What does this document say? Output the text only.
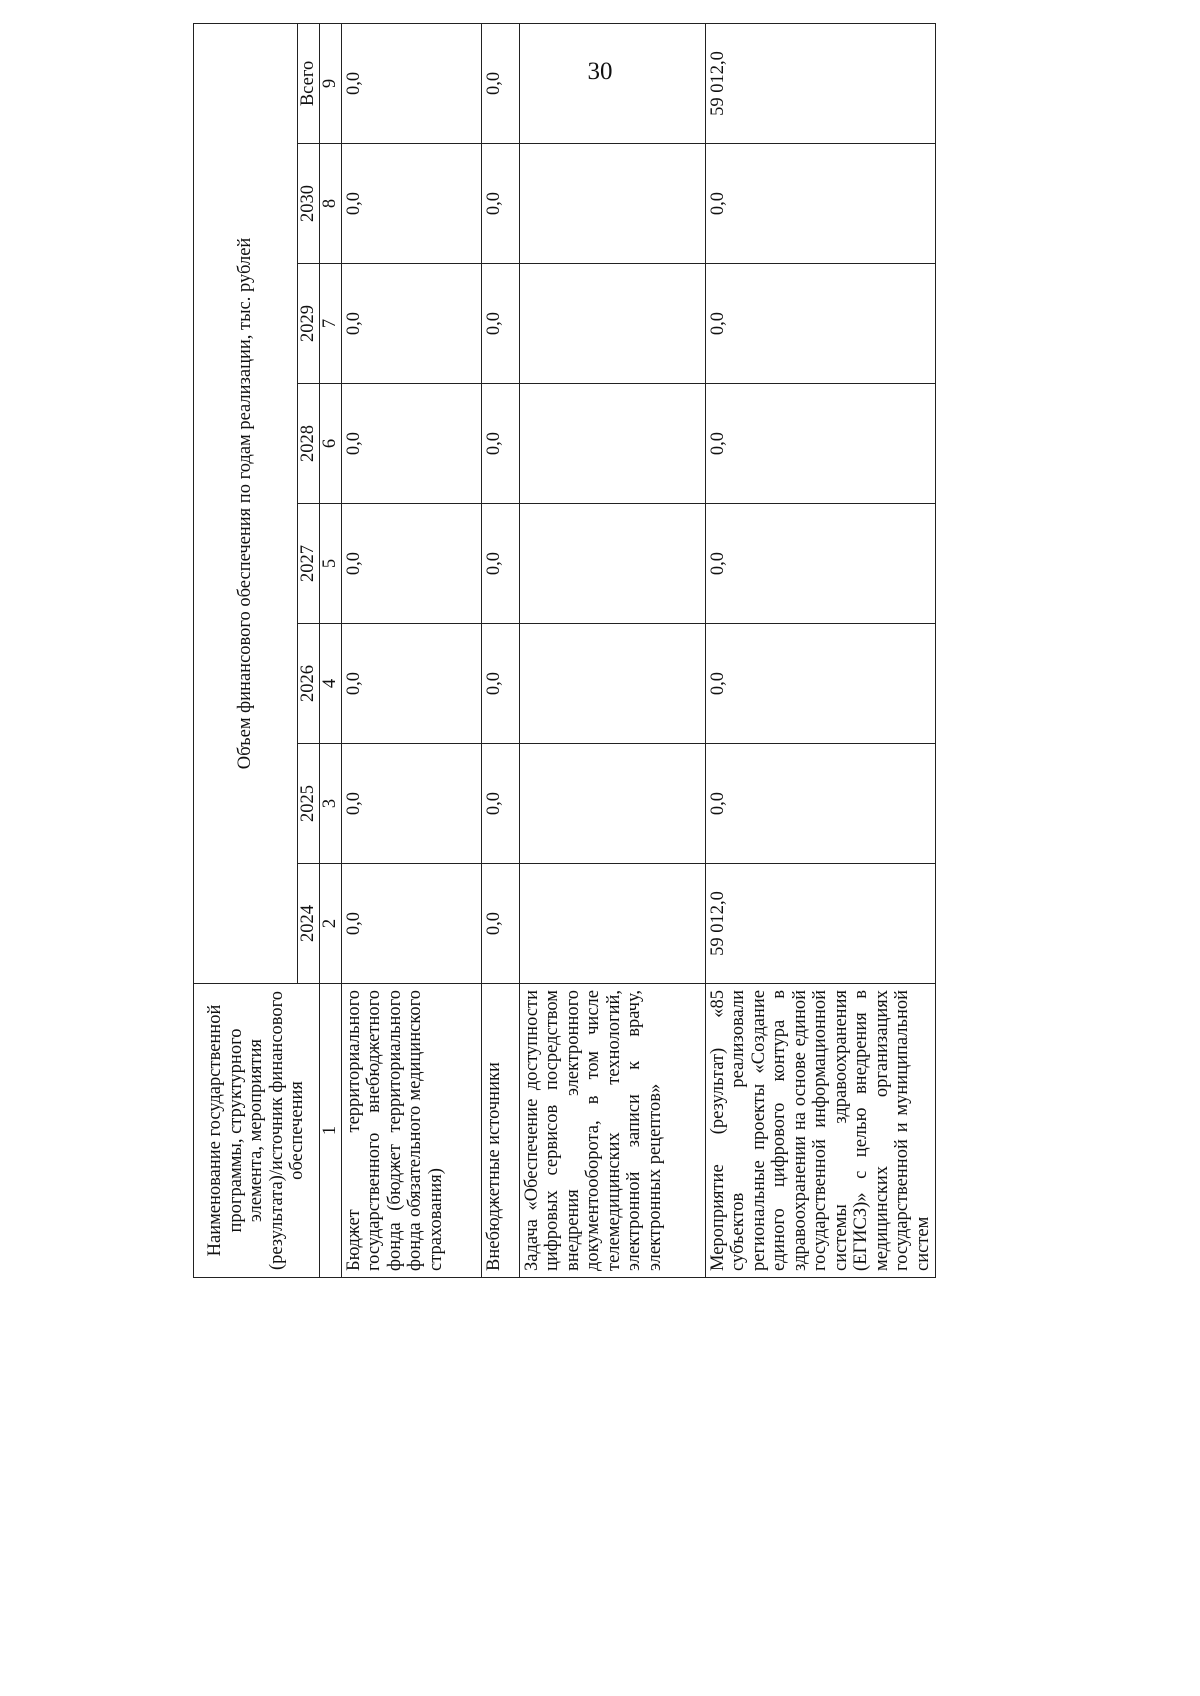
30
Наименование государственной программы, структурного элемента, мероприятия (результата)/источник финансового обеспечения	Объем финансового обеспечения по годам реализации, тыс. рублей							
	2024	2025	2026	2027	2028	2029	2030	Всего
1	2	3	4	5	6	7	8	9
Бюджет территориального государственного внебюджетного фонда (бюджет территориального фонда обязательного медицинского страхования)	0,0	0,0	0,0	0,0	0,0	0,0	0,0	0,0
Внебюджетные источники	0,0	0,0	0,0	0,0	0,0	0,0	0,0	0,0
Задача «Обеспечение доступности цифровых сервисов посредством внедрения электронного документооборота, в том числе телемедицинских технологий, электронной записи к врачу, электронных рецептов»								
Мероприятие (результат) «85 субъектов реализовали региональные проекты «Создание единого цифрового контура в здравоохранении на основе единой государственной информационной системы здравоохранения (ЕГИСЗ)» с целью внедрения в медицинских организациях государственной и муниципальной систем	59 012,0	0,0	0,0	0,0	0,0	0,0	0,0	59 012,0
